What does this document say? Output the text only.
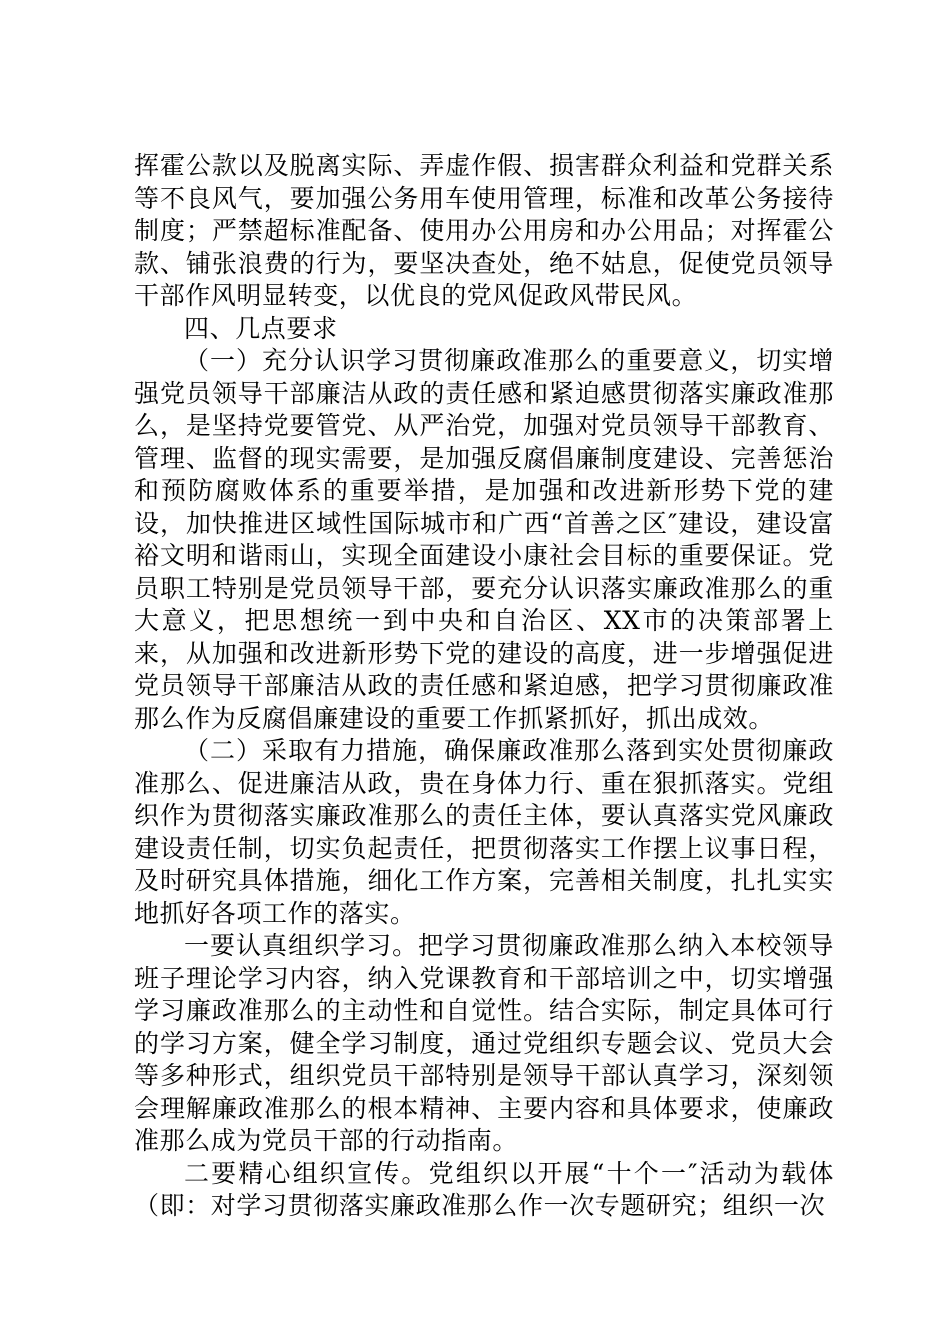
挥霍公款以及脱离实际、弄虚作假、损害群众利益和党群关系等不良风气，要加强公务用车使用管理，标准和改革公务接待制度；严禁超标准配备、使用办公用房和办公用品；对挥霍公款、铺张浪费的行为，要坚决查处，绝不姑息，促使党员领导干部作风明显转变，以优良的党风促政风带民风。

四、几点要求

（一）充分认识学习贯彻廉政准那么的重要意义，切实增强党员领导干部廉洁从政的责任感和紧迫感贯彻落实廉政准那么，是坚持党要管党、从严治党，加强对党员领导干部教育、管理、监督的现实需要，是加强反腐倡廉制度建设、完善惩治和预防腐败体系的重要举措，是加强和改进新形势下党的建设，加快推进区域性国际城市和广西“首善之区″建设，建设富裕文明和谐雨山，实现全面建设小康社会目标的重要保证。党员职工特别是党员领导干部，要充分认识落实廉政准那么的重大意义，把思想统一到中央和自治区、XX市的决策部署上来，从加强和改进新形势下党的建设的高度，进一步增强促进党员领导干部廉洁从政的责任感和紧迫感，把学习贯彻廉政准那么作为反腐倡廉建设的重要工作抓紧抓好，抓出成效。

（二）采取有力措施，确保廉政准那么落到实处贯彻廉政准那么、促进廉洁从政，贵在身体力行、重在狠抓落实。党组织作为贯彻落实廉政准那么的责任主体，要认真落实党风廉政建设责任制，切实负起责任，把贯彻落实工作摆上议事日程，及时研究具体措施，细化工作方案，完善相关制度，扎扎实实地抓好各项工作的落实。

一要认真组织学习。把学习贯彻廉政准那么纳入本校领导班子理论学习内容，纳入党课教育和干部培训之中，切实增强学习廉政准那么的主动性和自觉性。结合实际，制定具体可行的学习方案，健全学习制度，通过党组织专题会议、党员大会等多种形式，组织党员干部特别是领导干部认真学习，深刻领会理解廉政准那么的根本精神、主要内容和具体要求，使廉政准那么成为党员干部的行动指南。

二要精心组织宣传。党组织以开展“十个一″活动为载体（即：对学习贯彻落实廉政准那么作一次专题研究；组织一次
